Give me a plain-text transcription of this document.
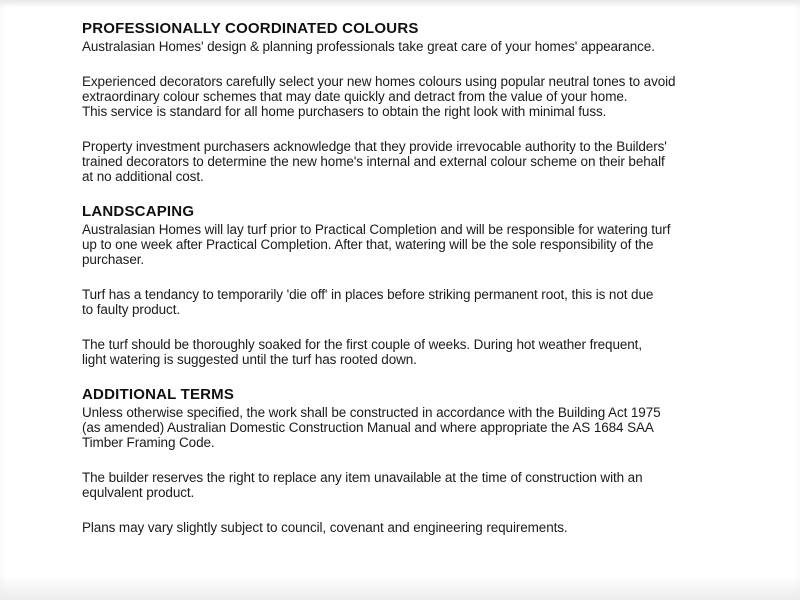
PROFESSIONALLY COORDINATED COLOURS

Australasian Homes' design & planning professionals take great care of your homes' appearance.

Experienced decorators carefully select your new homes colours using popular neutral tones to avoid
extraordinary colour schemes that may date quickly and detract from the value of your home.
This service is standard for all home purchasers to obtain the right look with minimal fuss.

Property investment purchasers acknowledge that they provide irrevocable authority to the Builders'
trained decorators to determine the new home's internal and external colour scheme on their behalf
at no additional cost.

LANDSCAPING

Australasian Homes will lay turf prior to Practical Completion and will be responsible for watering turf
up to one week after Practical Completion. After that, watering will be the sole responsibility of the
purchaser.

Turf has a tendancy to temporarily 'die off' in places before striking permanent root, this is not due
to faulty product.

The turf should be thoroughly soaked for the first couple of weeks. During hot weather frequent,
light watering is suggested until the turf has rooted down.

ADDITIONAL TERMS

Unless otherwise specified, the work shall be constructed in accordance with the Building Act 1975
(as amended) Australian Domestic Construction Manual and where appropriate the AS 1684 SAA
Timber Framing Code.

The builder reserves the right to replace any item unavailable at the time of construction with an
equlvalent product.

Plans may vary slightly subject to council, covenant and engineering requirements.
